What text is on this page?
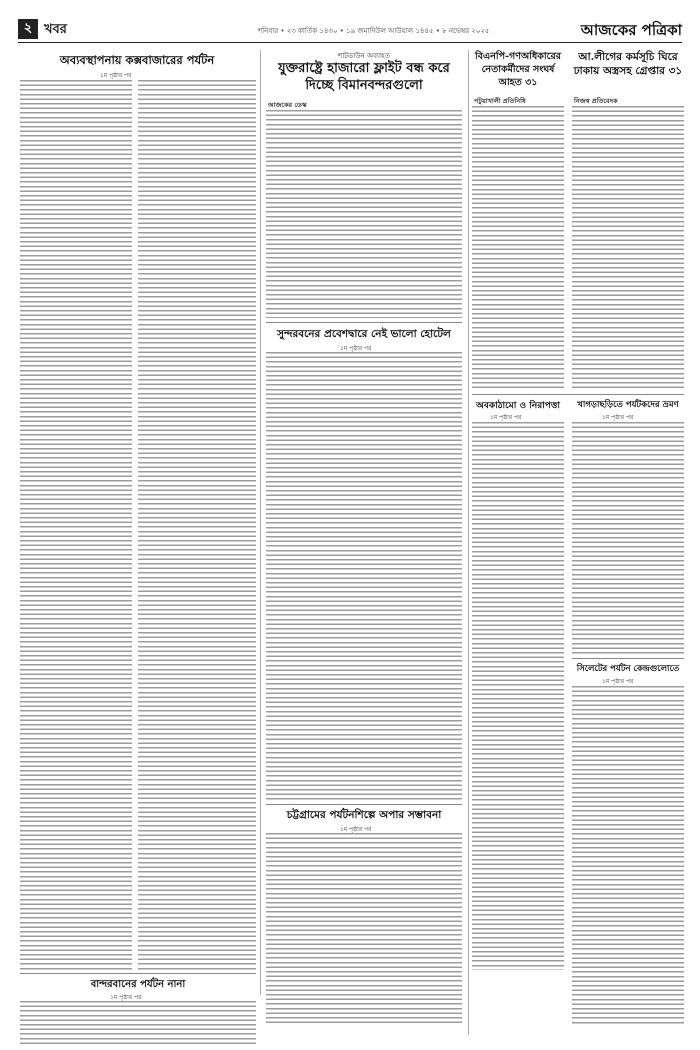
২ খবর	শনিবার • ২৩ কার্তিক ১৪৩০ • ১৯ জমাদিউল আউয়াল ১৪৪৫ • ৮ নভেম্বর ২০২৫	আজকের পত্রিকা
অব্যবস্থাপনায় কক্সবাজারের পর্যটন
১ম পৃষ্ঠার পর
শাটডাউন অব্যাহত
যুক্তরাষ্ট্রে হাজারো ফ্লাইট বন্ধ করে দিচ্ছে বিমানবন্দরগুলো
আজকের ডেস্ক
সুন্দরবনের প্রবেশদ্বারে নেই ভালো হোটেল
১ম পৃষ্ঠার পর
চট্টগ্রামের পর্যটনশিল্পে অপার সম্ভাবনা
১ম পৃষ্ঠার পর
বিএনপি-গণঅধিকারের নেতাকর্মীদের সংঘর্ষ আহত ৩১
পটুয়াখালী প্রতিনিধি
আ.লীগের কর্মসূচি ঘিরে ঢাকায় অস্ত্রসহ গ্রেপ্তার ৩১
নিজস্ব প্রতিবেদক
অবকাঠামো ও নিরাপত্তা
১ম পৃষ্ঠার পর
খাগড়াছড়িতে পর্যটকদের ভ্রমণ
১ম পৃষ্ঠার পর
সিলেটের পর্যটন কেন্দ্রগুলোতে
১ম পৃষ্ঠার পর
বান্দরবানের পর্যটন নানা
১ম পৃষ্ঠার পর
